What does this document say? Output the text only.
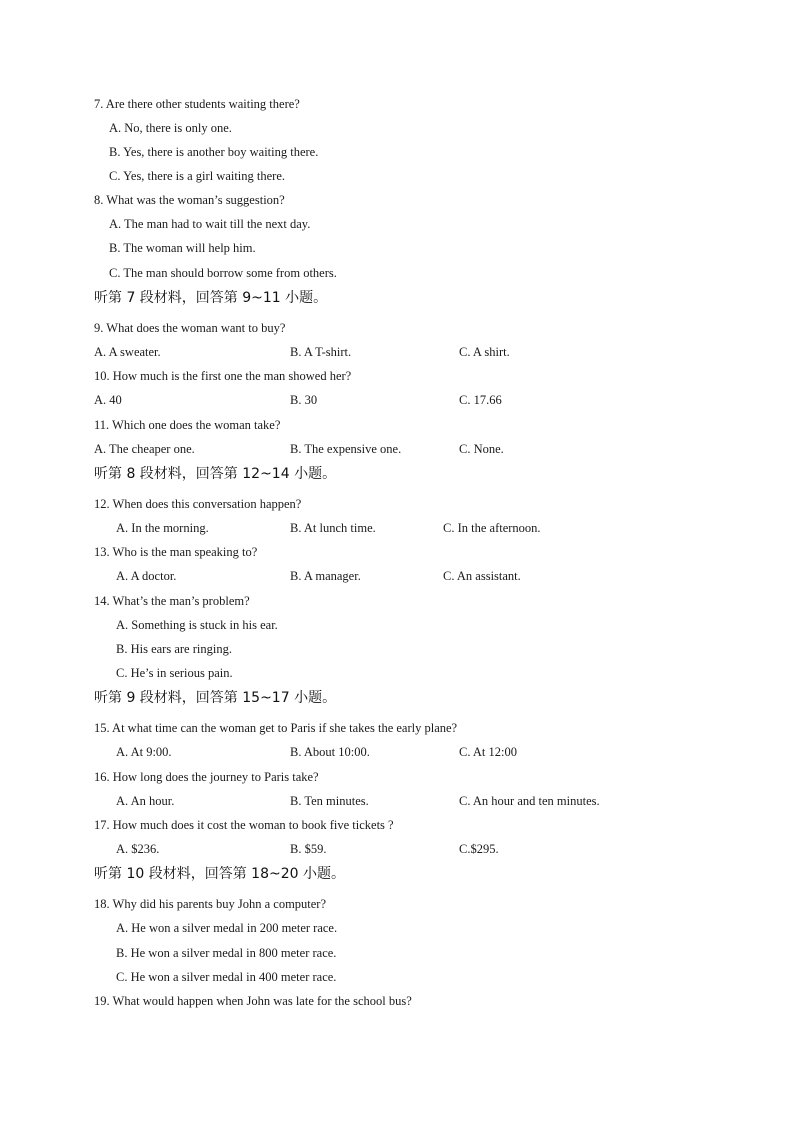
7. Are there other students waiting there?
A. No, there is only one.
B. Yes, there is another boy waiting there.
C. Yes, there is a girl waiting there.
8. What was the woman’s suggestion?
A. The man had to wait till the next day.
B. The woman will help him.
C. The man should borrow some from others.
听第 7 段材料，回答第 9~11 小题。
9. What does the woman want to buy?
A. A sweater.	B. A T-shirt.	C. A shirt.
10. How much is the first one the man showed her?
A. 40	B. 30	C. 17.66
11. Which one does the woman take?
A. The cheaper one.	B. The expensive one.	C. None.
听第 8 段材料，回答第 12~14 小题。
12. When does this conversation happen?
A. In the morning.	B. At lunch time.	C. In the afternoon.
13. Who is the man speaking to?
A. A doctor.	B. A manager.	C. An assistant.
14. What’s the man’s problem?
A. Something is stuck in his ear.
B. His ears are ringing.
C. He’s in serious pain.
听第 9 段材料，回答第 15~17 小题。
15. At what time can the woman get to Paris if she takes the early plane?
A. At 9:00.	B. About 10:00.	C. At 12:00
16. How long does the journey to Paris take?
A. An hour.	B. Ten minutes.	C. An hour and ten minutes.
17. How much does it cost the woman to book five tickets ?
A. $236.	B. $59.	C.$295.
听第 10 段材料，回答第 18~20 小题。
18. Why did his parents buy John a computer?
A. He won a silver medal in 200 meter race.
B. He won a silver medal in 800 meter race.
C. He won a silver medal in 400 meter race.
19. What would happen when John was late for the school bus?
